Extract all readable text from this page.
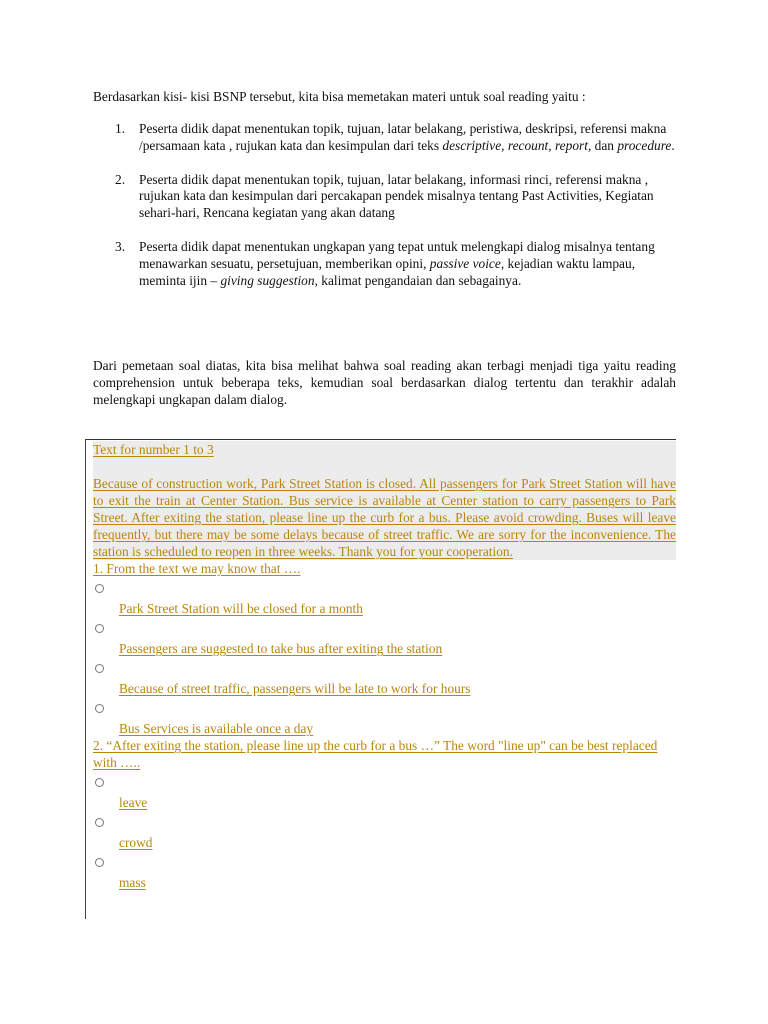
Berdasarkan kisi- kisi BSNP tersebut, kita bisa memetakan materi untuk soal reading yaitu :

1. Peserta didik dapat menentukan topik, tujuan, latar belakang, peristiwa, deskripsi, referensi makna /persamaan kata , rujukan kata dan kesimpulan dari teks descriptive, recount, report, dan procedure.
2. Peserta didik dapat menentukan topik, tujuan, latar belakang, informasi rinci, referensi makna , rujukan kata dan kesimpulan dari percakapan pendek misalnya tentang Past Activities, Kegiatan sehari-hari, Rencana kegiatan yang akan datang
3. Peserta didik dapat menentukan ungkapan yang tepat untuk melengkapi dialog misalnya tentang menawarkan sesuatu, persetujuan, memberikan opini, passive voice, kejadian waktu lampau, meminta ijin – giving suggestion, kalimat pengandaian dan sebagainya.

Dari pemetaan soal diatas, kita bisa melihat bahwa soal reading akan terbagi menjadi tiga yaitu reading comprehension untuk beberapa teks, kemudian soal berdasarkan dialog tertentu dan terakhir adalah melengkapi ungkapan dalam dialog.

Text for number 1 to 3

Because of construction work, Park Street Station is closed. All passengers for Park Street Station will have to exit the train at Center Station. Bus service is available at Center station to carry passengers to Park Street. After exiting the station, please line up the curb for a bus. Please avoid crowding. Buses will leave frequently, but there may be some delays because of street traffic. We are sorry for the inconvenience. The station is scheduled to reopen in three weeks. Thank you for your cooperation.

1. From the text we may know that ….

Park Street Station will be closed for a month
Passengers are suggested to take bus after exiting the station
Because of street traffic, passengers will be late to work for hours
Bus Services is available once a day

2. “After exiting the station, please line up the curb for a bus …” The word "line up" can be best replaced with …..

leave
crowd
mass
